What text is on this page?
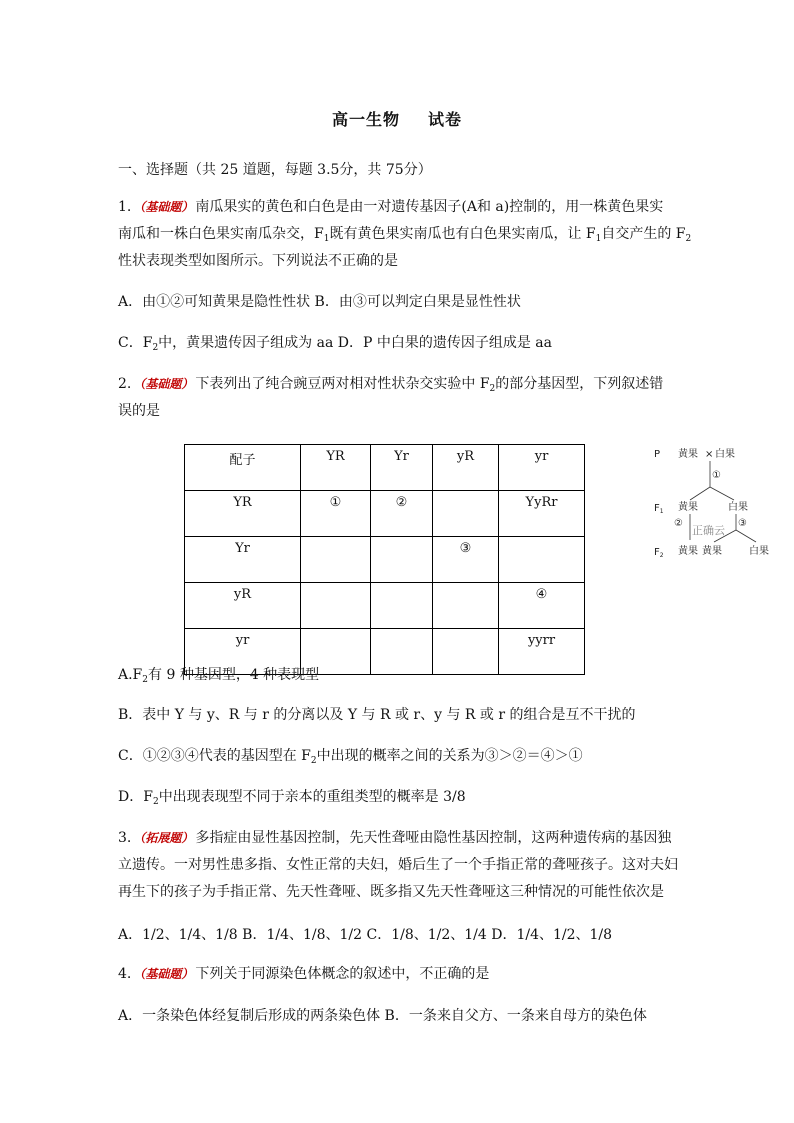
高一生物 试卷
一、选择题（共 25 道题，每题 3.5分，共 75分）
1. （基础题） 南瓜果实的黄色和白色是由一对遗传基因子(A和 a)控制的，用一株黄色果实
南瓜和一株白色果实南瓜杂交，$F_1$既有黄色果实南瓜也有白色果实南瓜，让 $F_1$自交产生的 $F_2$
性状表现类型如图所示。下列说法不正确的是
A．由①②可知黄果是隐性性状 B．由③可以判定白果是显性性状
C．$F_2$中，黄果遗传因子组成为 aa D．P 中白果的遗传因子组成是 aa
2. （基础题） 下表列出了纯合豌豆两对相对性状杂交实验中 $F_2$的部分基因型，下列叙述错
误的是
配子	YR	Yr	yR	yr
YR	①	②		YyRr
Yr			③	
yR				④
yr				yyrr
P 黄果 × 白果
①
$F_1$ 黄果	白果
②	③
正确云
$F_2$ 黄果 黄果	白果
$A.F_2$有 9 种基因型，4 种表现型
B．表中 Y 与 y、R 与 r 的分离以及 Y 与 R 或 r、y 与 R 或 r 的组合是互不干扰的
C．①②③④代表的基因型在 $F_2$中出现的概率之间的关系为③＞②＝④＞①
D．$F_2$中出现表现型不同于亲本的重组类型的概率是 3/8
3. （拓展题） 多指症由显性基因控制，先天性聋哑由隐性基因控制，这两种遗传病的基因独
立遗传。一对男性患多指、女性正常的夫妇，婚后生了一个手指正常的聋哑孩子。这对夫妇
再生下的孩子为手指正常、先天性聋哑、既多指又先天性聋哑这三种情况的可能性依次是
A．1/2、1/4、1/8 B．1/4、1/8、1/2 C．1/8、1/2、1/4 D．1/4、1/2、1/8
4. （基础题） 下列关于同源染色体概念的叙述中，不正确的是
A．一条染色体经复制后形成的两条染色体 B．一条来自父方、一条来自母方的染色体
